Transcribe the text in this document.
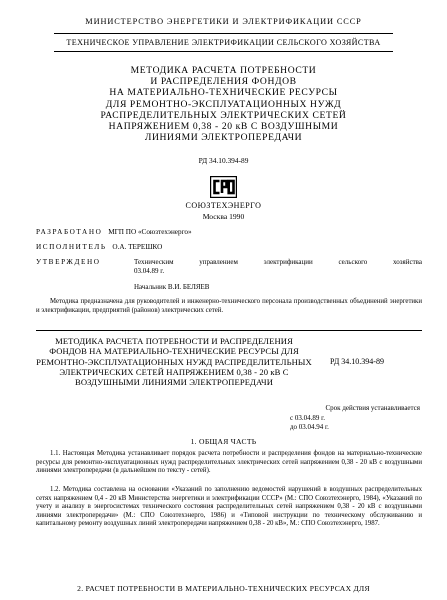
МИНИСТЕРСТВО ЭНЕРГЕТИКИ И ЭЛЕКТРИФИКАЦИИ СССР
ТЕХНИЧЕСКОЕ УПРАВЛЕНИЕ ЭЛЕКТРИФИКАЦИИ СЕЛЬСКОГО ХОЗЯЙСТВА
МЕТОДИКА РАСЧЕТА ПОТРЕБНОСТИ
И РАСПРЕДЕЛЕНИЯ ФОНДОВ
НА МАТЕРИАЛЬНО-ТЕХНИЧЕСКИЕ РЕСУРСЫ
ДЛЯ РЕМОНТНО-ЭКСПЛУАТАЦИОННЫХ НУЖД
РАСПРЕДЕЛИТЕЛЬНЫХ ЭЛЕКТРИЧЕСКИХ СЕТЕЙ
НАПРЯЖЕНИЕМ 0,38 - 20 кВ С ВОЗДУШНЫМИ
ЛИНИЯМИ ЭЛЕКТРОПЕРЕДАЧИ
РД 34.10.394-89
СОЮЗТЕХЭНЕРГО
Москва 1990
РАЗРАБОТАНО МГП ПО «Союзтехэнерго»
ИСПОЛНИТЕЛЬ О.А. ТЕРЕШКО
УТВЕРЖДЕНО	Техническим управлением электрификации сельского хозяйства
03.04.89 г.
Начальник В.И. БЕЛЯЕВ
Методика предназначена для руководителей и инженерно-технического персонала производственных объединений энергетики и электрификации, предприятий (районов) электрических сетей.
МЕТОДИКА РАСЧЕТА ПОТРЕБНОСТИ И РАСПРЕДЕЛЕНИЯ ФОНДОВ НА МАТЕРИАЛЬНО-ТЕХНИЧЕСКИЕ РЕСУРСЫ ДЛЯ РЕМОНТНО-ЭКСПЛУАТАЦИОННЫХ НУЖД РАСПРЕДЕЛИТЕЛЬНЫХ ЭЛЕКТРИЧЕСКИХ СЕТЕЙ НАПРЯЖЕНИЕМ 0,38 - 20 кВ С ВОЗДУШНЫМИ ЛИНИЯМИ ЭЛЕКТРОПЕРЕДАЧИ
РД 34.10.394-89
Срок действия устанавливается
с 03.04.89 г.
до 03.04.94 г.
1. ОБЩАЯ ЧАСТЬ
1.1. Настоящая Методика устанавливает порядок расчета потребности и распределения фондов на материально-технические ресурсы для ремонтно-эксплуатационных нужд распределительных электрических сетей напряжением 0,38 - 20 кВ с воздушными линиями электропередачи (в дальнейшем по тексту - сетей).
1.2. Методика составлена на основании «Указаний по заполнению ведомостей нарушений в воздушных распределительных сетях напряжением 0,4 - 20 кВ Министерства энергетики и электрификации СССР» (М.: СПО Союзтехэнерго, 1984), «Указаний по учету и анализу в энергосистемах технического состояния распределительных сетей напряжением 0,38 - 20 кВ с воздушными линиями электропередачи» (М.: СПО Союзтехэнерго, 1986) и «Типовой инструкции по техническому обслуживанию и капитальному ремонту воздушных линий электропередачи напряжением 0,38 - 20 кВ», М.: СПО Союзтехэнерго, 1987.
2. РАСЧЕТ ПОТРЕБНОСТИ В МАТЕРИАЛЬНО-ТЕХНИЧЕСКИХ РЕСУРСАХ ДЛЯ
